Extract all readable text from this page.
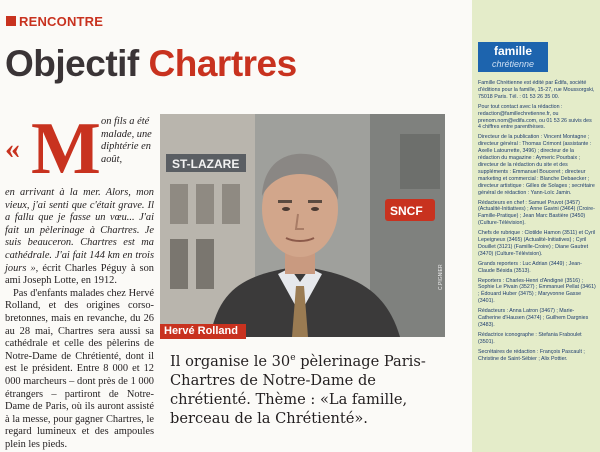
RENCONTRE
Objectif Chartres
« M on fils a été malade, une diphtérie en août,
en arrivant à la mer. Alors, mon vieux, j'ai senti que c'était grave. Il a fallu que je fasse un vœu... J'ai fait un pèlerinage à Chartres. Je suis beauceron. Chartres est ma cathédrale. J'ai fait 144 km en trois jours », écrit Charles Péguy à son ami Joseph Lotte, en 1912.

Pas d'enfants malades chez Hervé Rolland, et des origines corso-bretonnes, mais en revanche, du 26 au 28 mai, Chartres sera aussi sa cathédrale et celle des pèlerins de Notre-Dame de Chrétienté, dont il est le président. Entre 8 000 et 12 000 marcheurs – dont près de 1 000 étrangers – partiront de Notre-Dame de Paris, où ils auront assisté à la messe, pour gagner Chartres, le regard lumineux et des ampoules plein les pieds.

ST-LAZARE
SNCF
Hervé Rolland
C.PIGNIER
Il organise le 30e pèlerinage Paris-Chartres de Notre-Dame de chrétienté. Thème : «La famille, berceau de la Chrétienté».
famille
chrétienne
Famille Chrétienne est édité par Édifa, société d'éditions pour la famille, 15-27, rue Moussorgski, 75018 Paris. Tél. : 01 53 26 35 00.
Pour tout contact avec la rédaction : redaction@famillechretienne.fr, ou prenom.nom@edifa.com, ou 01 53 26 suivis des 4 chiffres entre parenthèses.
Directeur de la publication : Vincent Montagne ; directeur général : Thomas Crimont (assistante : Axelle Latourrette, 3496) ; directeur de la rédaction du magazine : Aymeric Pourbaix ; directeur de la rédaction du site et des suppléments : Emmanuel Bouceret ; directeur marketing et commercial : Blanche Debaecker ; directeur artistique : Gilles de Solages ; secrétaire général de rédaction : Yann-Loïc Jamin.
Rédacteurs en chef : Samuel Pruvot (3457) (Actualité-Initiatives) ; Anne Gavini (3464) (Croire-Famille-Pratique) ; Jean Marc Bastière (3450) (Culture-Télévision).
Chefs de rubrique : Clotilde Hamon (3511) et Cyril Lepeigneux (3465) (Actualité-Initiatives) ; Cyril Douillet (3121) (Famille-Croire) ; Diane Gautret (3470) (Culture-Télévision).
Grands reporters : Luc Adrian (3449) ; Jean-Claude Bésida (3513).
Reporters : Charles-Henri d'Andigné (3516) ; Sophie Le Pivain (3527) ; Emmanuel Pellat (3461) ; Édouard Huber (3475) ; Maryvonne Gasse (3401).
Rédacteurs : Anna Latron (3467) ; Marie-Catherine d'Hausen (3474) ; Guilhem Dargnies (3483).
Rédactrice iconographe : Stefania Fraboulet (3501).
Secrétaires de rédaction : François Pascault ; Christine de Saint-Sébier ; Alix Pottier.
